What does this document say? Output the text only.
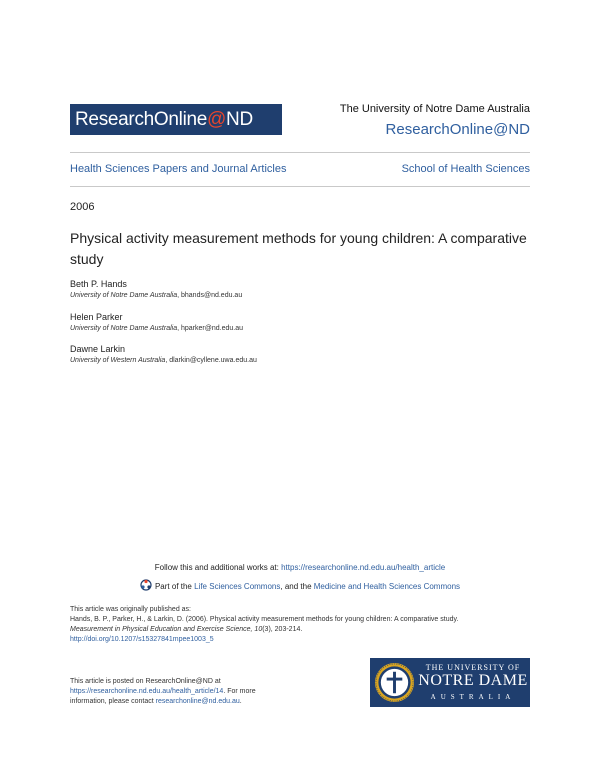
ResearchOnline@ND	The University of Notre Dame Australia
ResearchOnline@ND
Health Sciences Papers and Journal Articles	School of Health Sciences
2006
Physical activity measurement methods for young children: A comparative study
Beth P. Hands
University of Notre Dame Australia, bhands@nd.edu.au
Helen Parker
University of Notre Dame Australia, hparker@nd.edu.au
Dawne Larkin
University of Western Australia, dlarkin@cyllene.uwa.edu.au
Follow this and additional works at: https://researchonline.nd.edu.au/health_article
Part of the Life Sciences Commons, and the Medicine and Health Sciences Commons
This article was originally published as:
Hands, B. P., Parker, H., & Larkin, D. (2006). Physical activity measurement methods for young children: A comparative study.
Measurement in Physical Education and Exercise Science, 10(3), 203-214.
http://doi.org/10.1207/s15327841mpee1003_5
This article is posted on ResearchOnline@ND at
https://researchonline.nd.edu.au/health_article/14. For more
information, please contact researchonline@nd.edu.au.
THE UNIVERSITY OF
NOTRE DAME
AUSTRALIA
